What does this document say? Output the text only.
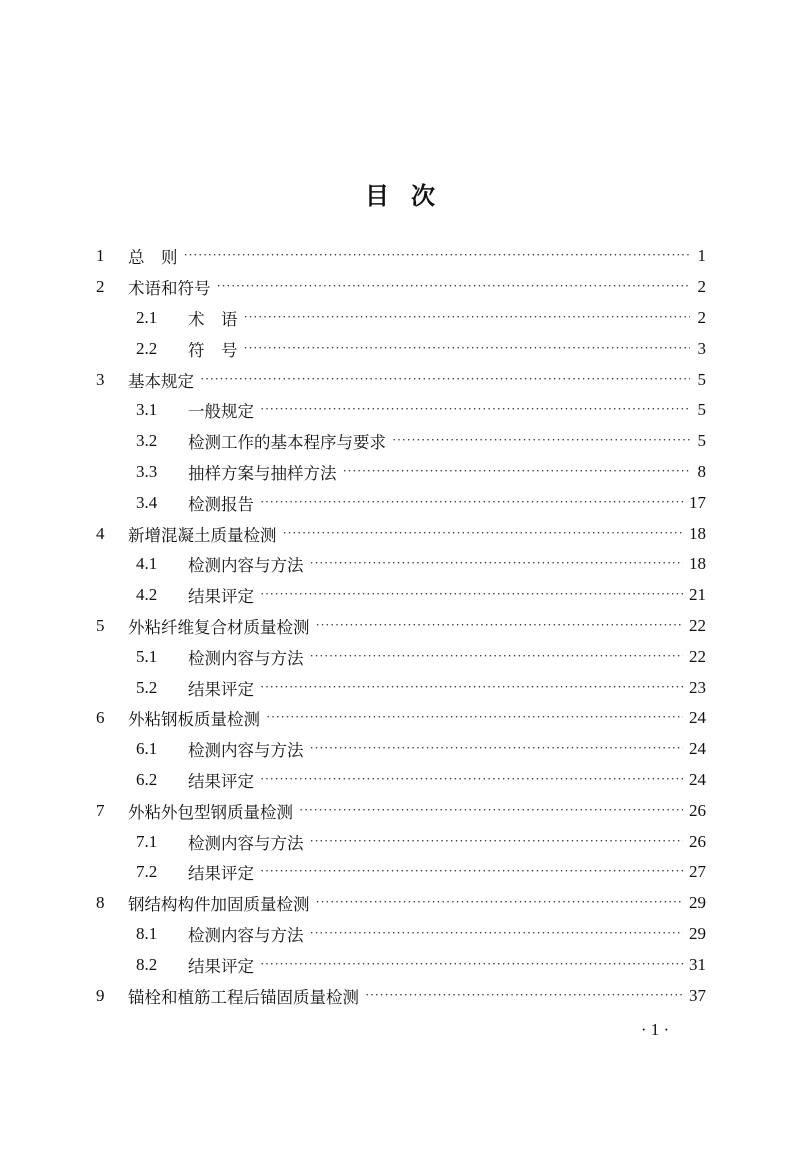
目 次
1	总　则 ·····	1
2	术语和符号 ·····	2
2.1	术　语 ·····	2
2.2	符　号 ·····	3
3	基本规定 ·····	5
3.1	一般规定 ·····	5
3.2	检测工作的基本程序与要求 ·····	5
3.3	抽样方案与抽样方法 ·····	8
3.4	检测报告 ·····	17
4	新增混凝土质量检测 ·····	18
4.1	检测内容与方法 ·····	18
4.2	结果评定 ·····	21
5	外粘纤维复合材质量检测 ·····	22
5.1	检测内容与方法 ·····	22
5.2	结果评定 ·····	23
6	外粘钢板质量检测 ·····	24
6.1	检测内容与方法 ·····	24
6.2	结果评定 ·····	24
7	外粘外包型钢质量检测 ·····	26
7.1	检测内容与方法 ·····	26
7.2	结果评定 ·····	27
8	钢结构构件加固质量检测 ·····	29
8.1	检测内容与方法 ·····	29
8.2	结果评定 ·····	31
9	锚栓和植筋工程后锚固质量检测 ·····	37
· 1 ·
